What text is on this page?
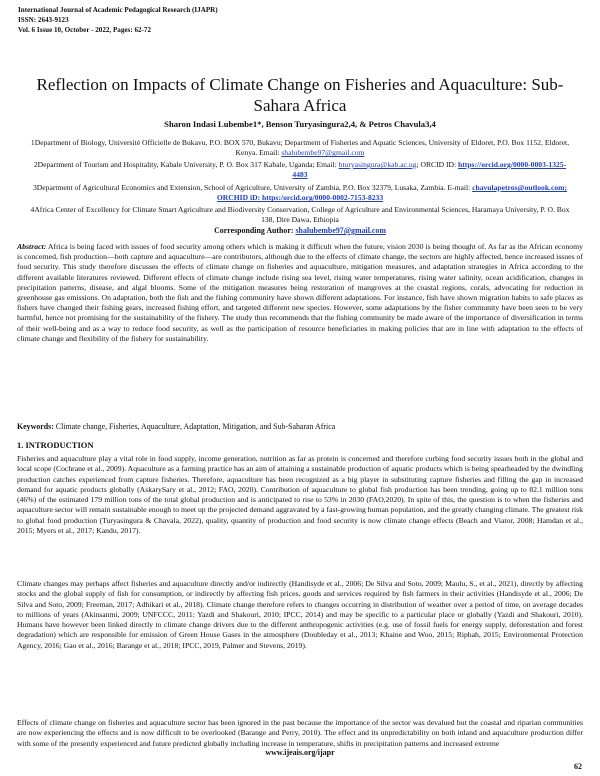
International Journal of Academic Pedagogical Research (IJAPR)
ISSN: 2643-9123
Vol. 6 Issue 10, October - 2022, Pages: 62-72
Reflection on Impacts of Climate Change on Fisheries and Aquaculture: Sub-Sahara Africa
Sharon Indasi Lubembe1*, Benson Turyasingura2,4, & Petros Chavula3,4
1Department of Biology, Université Officielle de Bukavu, P.O. BOX 570, Bukavu; Department of Fisheries and Aquatic Sciences, University of Eldoret, P.O. Box 1152, Eldoret, Kenya. Email: shalubembe97@gmail.com
2Department of Tourism and Hospitality, Kabale University, P. O. Box 317 Kabale, Uganda; Email: bturyasingura@kab.ac.ug; ORCID ID: https://orcid.org/0000-0003-1325-4483
3Department of Agricultural Economics and Extension, School of Agriculture, University of Zambia, P.O. Box 32379, Lusaka, Zambia. E-mail: chavulapetros@outlook.com; ORCHID iD: https:/orcid.org/0000-0002-7153-8233
4Africa Center of Excellency for Climate Smart Agriculture and Biodiversity Conservation, College of Agriculture and Environmental Sciences, Haramaya University, P. O. Box 138, Dire Dawa, Ethiopia
Corresponding Author: shalubembe97@gmail.com
Abstract: Africa is being faced with issues of food security among others which is making it difficult when the future, vision 2030 is being thought of. As far as the African economy is concerned, fish production—both capture and aquaculture—are contributors, although due to the effects of climate change, the sectors are highly affected, hence increased issues of food security. This study therefore discusses the effects of climate change on fisheries and aquaculture, mitigation measures, and adaptation strategies in Africa according to the different available literatures reviewed. Different effects of climate change include rising sea level, rising water temperatures, rising water salinity, ocean acidification, changes in precipitation patterns, disease, and algal blooms. Some of the mitigation measures being restoration of mangroves at the coastal regions, corals, advocating for reduction in greenhouse gas emissions. On adaptation, both the fish and the fishing community have shown different adaptations. For instance, fish have shown migration habits to safe places as fishers have changed their fishing gears, increased fishing effort, and targeted different new species. However, some adaptations by the fisher community have been seen to be very harmful, hence not promising for the sustainability of the fishery. The study thus recommends that the fishing community be made aware of the importance of diversification in terms of their well-being and as a way to reduce food security, as well as the participation of resource beneficiaries in making policies that are in line with adaptation to the effects of climate change and flexibility of the fishery for sustainability.
Keywords: Climate change, Fisheries, Aquaculture, Adaptation, Mitigation, and Sub-Saharan Africa
1. INTRODUCTION
Fisheries and aquaculture play a vital role in food supply, income generation, nutrition as far as protein is concerned and therefore curbing food security issues both in the global and local scope (Cochrane et al., 2009). Aquaculture as a farming practice has an aim of attaining a sustainable production of aquatic products which is being spearheaded by the dwindling production catches experienced from capture fisheries. Therefore, aquaculture has been recognized as a big player in substituting capture fisheries and filling the gap in increased demand for aquatic products globally (AskarySary et al., 2012; FAO, 2020). Contribution of aquaculture to global fish production has been trending, going up to 82.1 million tons (46%) of the estimated 179 million tons of the total global production and is anticipated to rise to 53% in 2030 (FAO,2020). In spite of this, the question is to when the fisheries and aquaculture sector will remain sustainable enough to meet up the projected demand aggravated by a fast-growing human population, and the greatly changing climate. The greatest risk to global food production (Turyasingura & Chavala, 2022), quality, quantity of production and food security is now climate change effects (Beach and Viator, 2008; Hamdan et al., 2015; Myers et al., 2017; Kandu, 2017).
Climate changes may perhaps affect fisheries and aquaculture directly and/or indirectly (Handisyde et al., 2006; De Silva and Soto, 2009; Maulu, S., et al., 2021), directly by affecting stocks and the global supply of fish for consumption, or indirectly by affecting fish prices, goods and services required by fish farmers in their activities (Handisyde et al., 2006; De Silva and Soto, 2009; Freeman, 2017; Adhikari et al., 2018). Climate change therefore refers to changes occurring in distribution of weather over a period of time, on average decades to millions of years (Akinsanmi, 2009; UNFCCC, 2011: Yazdi and Shakouri, 2010; IPCC, 2014) and may be specific to a particular place or globally (Yazdi and Shakouri, 2010). Humans have however been linked directly to climate change drivers due to the different anthropogenic activities (e.g. use of fossil fuels for energy supply, deforestation and forest degradation) which are responsible for emission of Green House Gases in the atmosphere (Doubleday et al., 2013; Khaine and Woo, 2015; Riphah, 2015; Environmental Protection Agency, 2016; Gao et al., 2016; Barange et al., 2018; IPCC, 2019, Palmer and Stevens, 2019).
Effects of climate change on fisheries and aquaculture sector has been ignored in the past because the importance of the sector was devalued but the coastal and riparian communities are now experiencing the effects and is now difficult to be overlooked (Barange and Perry, 2010). The effect and its unpredictability on both inland and aquaculture production differ with some of the presently experienced and future predicted globally including increase in temperature, shifts in precipitation patterns and increased extreme
www.ijeais.org/ijapr
62
